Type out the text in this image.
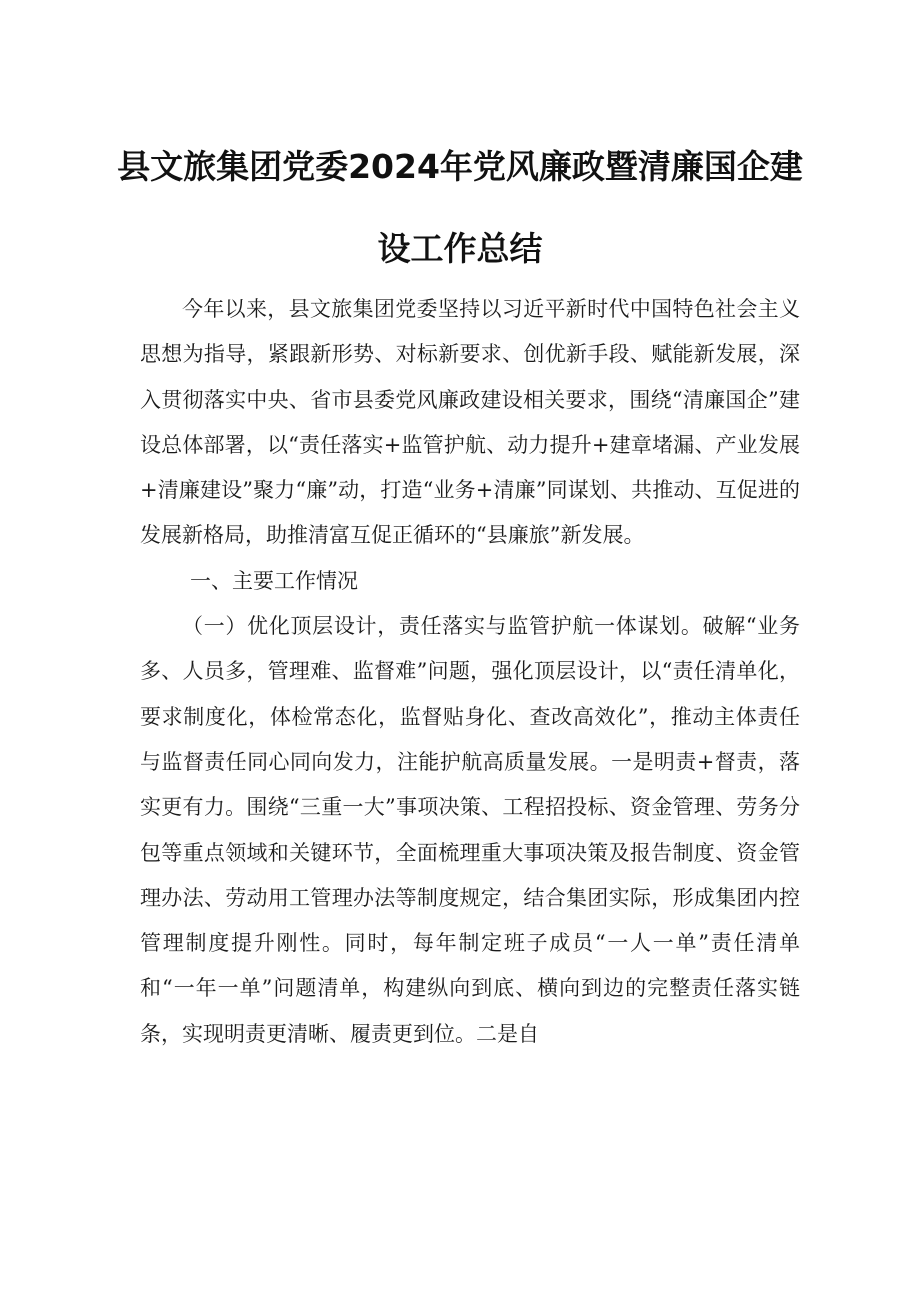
县文旅集团党委2024年党风廉政暨清廉国企建
设工作总结

今年以来，县文旅集团党委坚持以习近平新时代中国特色社会主义思想为指导，紧跟新形势、对标新要求、创优新手段、赋能新发展，深入贯彻落实中央、省市县委党风廉政建设相关要求，围绕“清廉国企”建设总体部署，以“责任落实+监管护航、动力提升+建章堵漏、产业发展+清廉建设”聚力“廉”动，打造“业务+清廉”同谋划、共推动、互促进的发展新格局，助推清富互促正循环的“县廉旅”新发展。

一、主要工作情况

（一）优化顶层设计，责任落实与监管护航一体谋划。破解“业务多、人员多，管理难、监督难”问题，强化顶层设计，以“责任清单化，要求制度化，体检常态化，监督贴身化、查改高效化”，推动主体责任与监督责任同心同向发力，注能护航高质量发展。一是明责+督责，落实更有力。围绕“三重一大”事项决策、工程招投标、资金管理、劳务分包等重点领域和关键环节，全面梳理重大事项决策及报告制度、资金管理办法、劳动用工管理办法等制度规定，结合集团实际，形成集团内控管理制度提升刚性。同时，每年制定班子成员“一人一单”责任清单和“一年一单”问题清单，构建纵向到底、横向到边的完整责任落实链条，实现明责更清晰、履责更到位。二是自
